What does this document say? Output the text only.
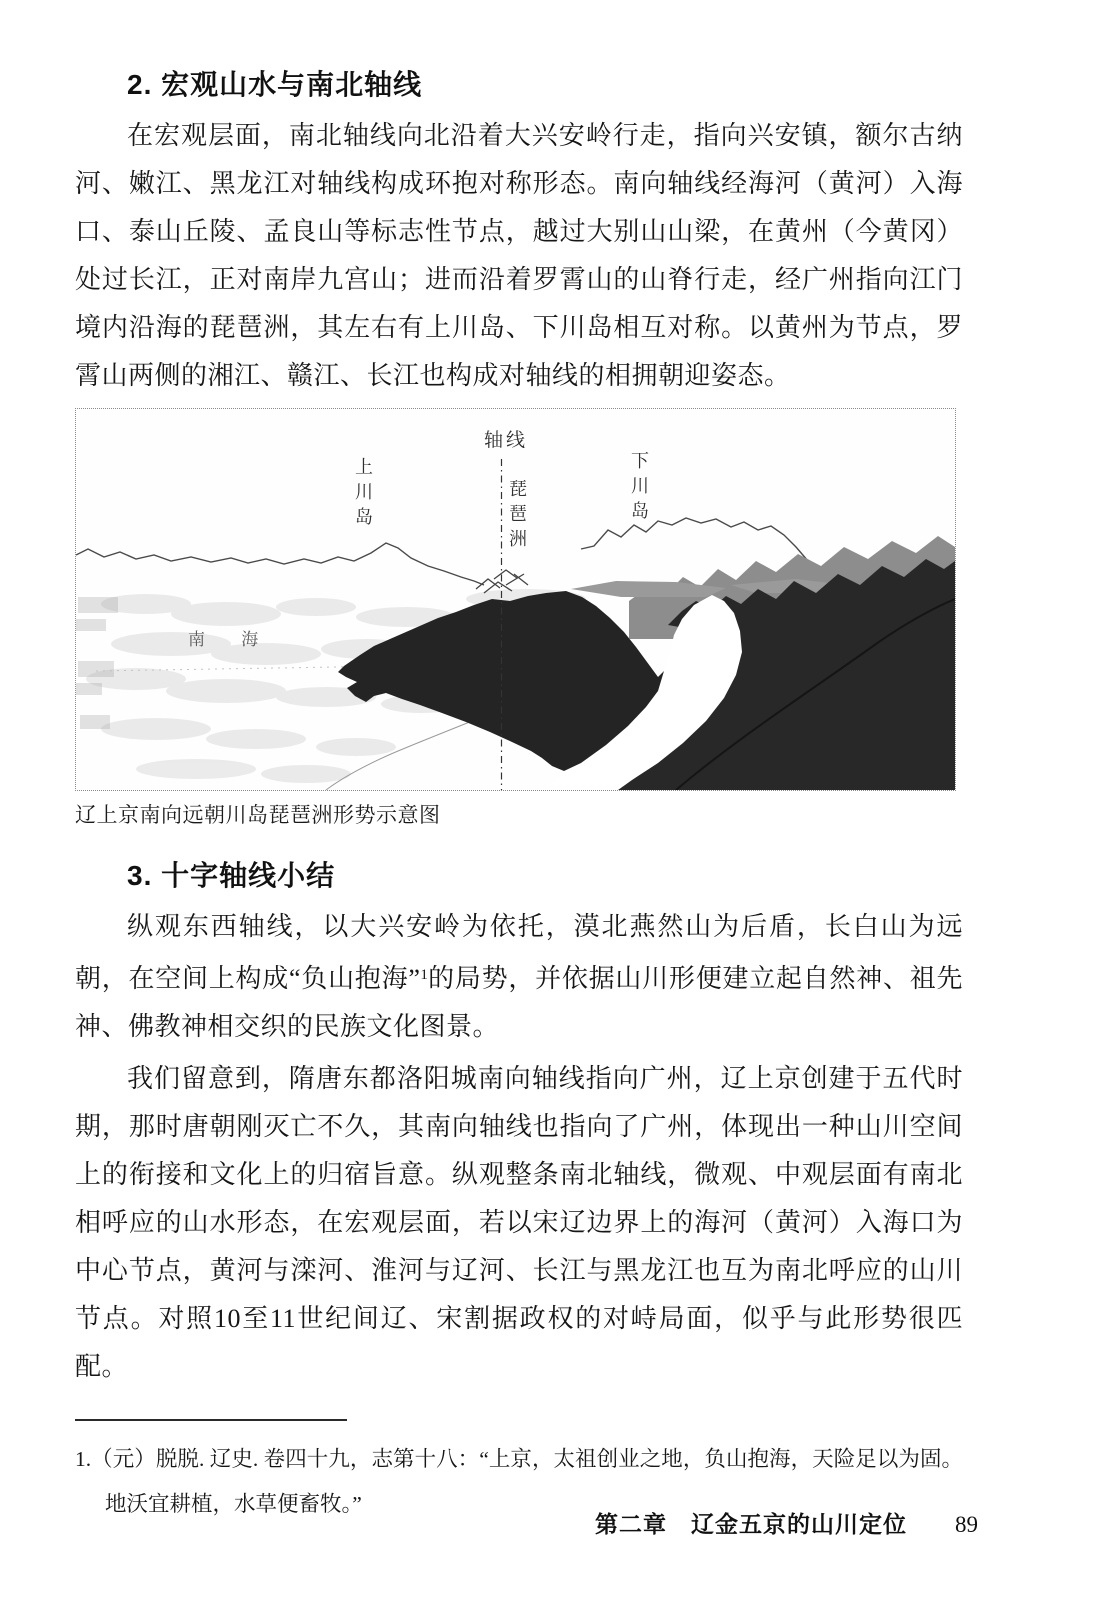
2. 宏观山水与南北轴线

在宏观层面，南北轴线向北沿着大兴安岭行走，指向兴安镇，额尔古纳河、嫩江、黑龙江对轴线构成环抱对称形态。南向轴线经海河（黄河）入海口、泰山丘陵、孟良山等标志性节点，越过大别山山梁，在黄州（今黄冈）处过长江，正对南岸九宫山；进而沿着罗霄山的山脊行走，经广州指向江门境内沿海的琵琶洲，其左右有上川岛、下川岛相互对称。以黄州为节点，罗霄山两侧的湘江、赣江、长江也构成对轴线的相拥朝迎姿态。

轴线
上川岛	琵琶洲	下川岛
南 海
辽上京南向远朝川岛琵琶洲形势示意图
3. 十字轴线小结

纵观东西轴线，以大兴安岭为依托，漠北燕然山为后盾，长白山为远朝，在空间上构成“负山抱海”$^1$的局势，并依据山川形便建立起自然神、祖先神、佛教神相交织的民族文化图景。

我们留意到，隋唐东都洛阳城南向轴线指向广州，辽上京创建于五代时期，那时唐朝刚灭亡不久，其南向轴线也指向了广州，体现出一种山川空间上的衔接和文化上的归宿旨意。纵观整条南北轴线，微观、中观层面有南北相呼应的山水形态，在宏观层面，若以宋辽边界上的海河（黄河）入海口为中心节点，黄河与滦河、淮河与辽河、长江与黑龙江也互为南北呼应的山川节点。对照10至11世纪间辽、宋割据政权的对峙局面，似乎与此形势很匹配。

1.（元）脱脱. 辽史. 卷四十九，志第十八：“上京，太祖创业之地，负山抱海，天险足以为固。地沃宜耕植，水草便畜牧。”
第二章　辽金五京的山川定位 89
